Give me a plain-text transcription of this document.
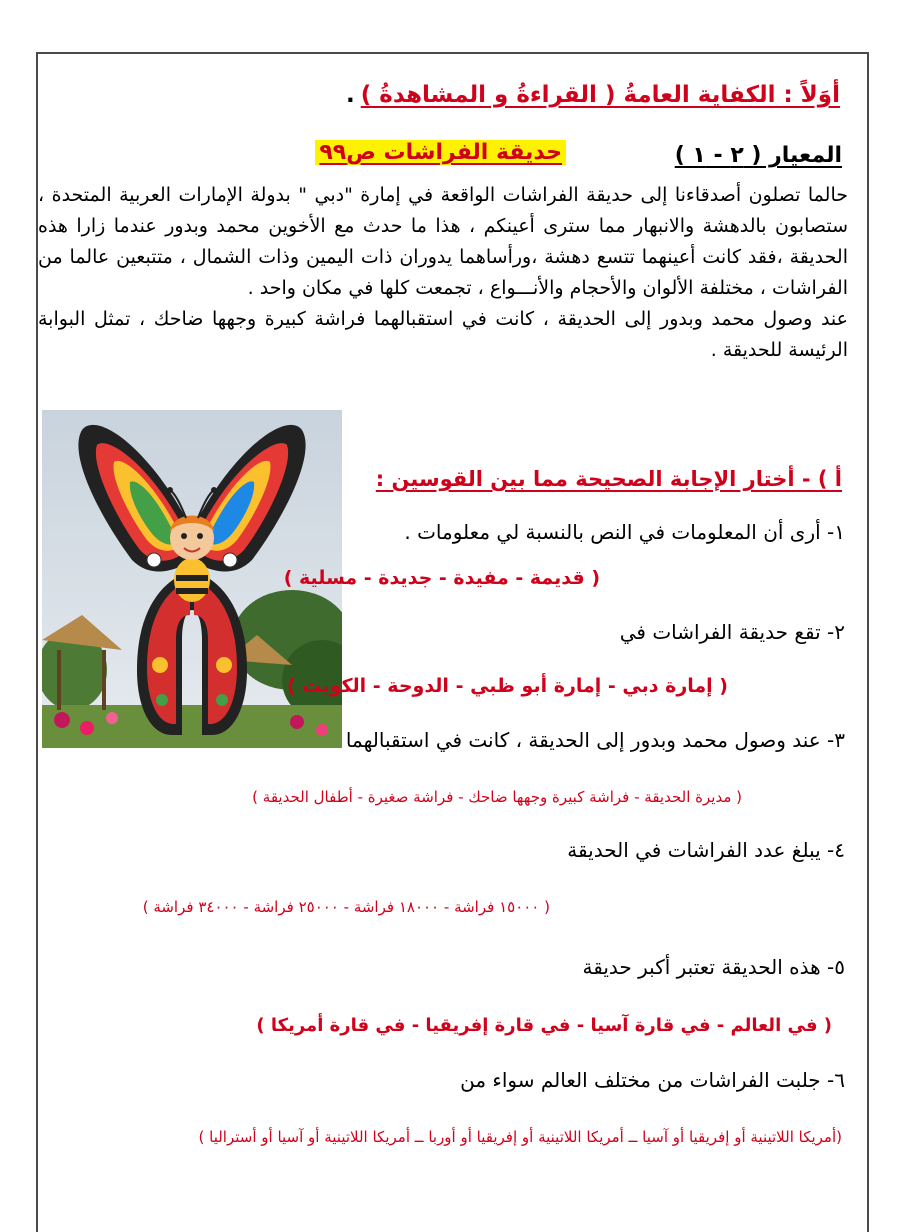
أوَلاً : الكفاية العامةُ ( القراءةُ و المشاهدةُ ).
المعيار ( ٢ - ١ )
حديقة الفراشات ص٩٩

حالما تصلون أصدقاءنا إلى حديقة الفراشات الواقعة في إمارة "دبي " بدولة الإمارات العربية المتحدة ، ستصابون بالدهشة والانبهار مما سترى أعينكم ، هذا ما حدث مع الأخوين محمد وبدور عندما زارا هذه الحديقة ،فقد كانت أعينهما تتسع دهشة ،ورأساهما يدوران ذات اليمين وذات الشمال ، متتبعين عالما من الفراشات ، مختلفة الألوان والأحجام والأنـــواع ، تجمعت كلها في مكان واحد .

عند وصول محمد وبدور إلى الحديقة ، كانت في استقبالهما فراشة كبيرة وجهها ضاحك ، تمثل البوابة الرئيسة للحديقة .

أ ) - أختار الإجابة الصحيحة مما بين القوسين :
١- أرى أن المعلومات في النص بالنسبة لي معلومات .
( قديمة - مفيدة - جديدة - مسلية )
٢- تقع حديقة الفراشات في
( إمارة دبي - إمارة أبو ظبي - الدوحة - الكويت )
٣- عند وصول محمد وبدور إلى الحديقة ، كانت في استقبالهما
( مديرة الحديقة - فراشة كبيرة وجهها ضاحك - فراشة صغيرة - أطفال الحديقة )
٤- يبلغ عدد الفراشات في الحديقة
( ١٥٠٠٠ فراشة - ١٨٠٠٠ فراشة - ٢٥٠٠٠ فراشة - ٣٤٠٠٠ فراشة )
٥- هذه الحديقة تعتبر أكبر حديقة
( في العالم - في قارة آسيا - في قارة إفريقيا - في قارة أمريكا )
٦- جلبت الفراشات من مختلف العالم سواء من
(أمريكا اللاتينية أو إفريقيا أو آسيا ــ أمريكا اللاتينية أو إفريقيا أو أوربا ــ أمريكا اللاتينية أو آسيا أو أستراليا )
